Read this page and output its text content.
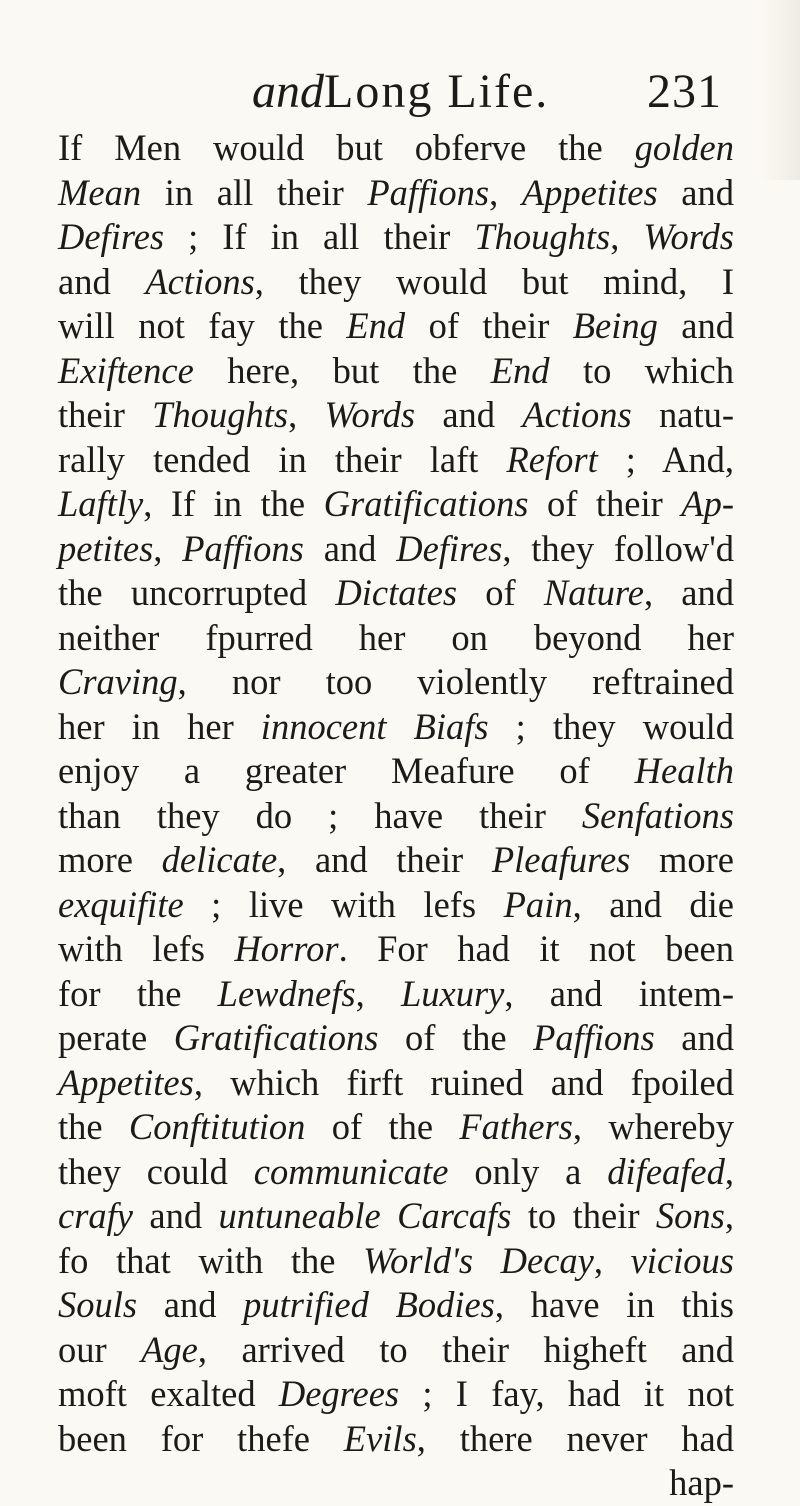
andLong Life. 231
If Men would but obferve the golden
Mean in all their Paffions, Appetites and
Defires ; If in all their Thoughts, Words
and Actions, they would but mind, I
will not fay the End of their Being and
Exiftence here, but the End to which
their Thoughts, Words and Actions natu-
rally tended in their laft Refort ; And,
Laftly, If in the Gratifications of their Ap-
petites, Paffions and Defires, they follow'd
the uncorrupted Dictates of Nature, and
neither fpurred her on beyond her
Craving, nor too violently reftrained
her in her innocent Biafs ; they would
enjoy a greater Meafure of Health
than they do ; have their Senfations
more delicate, and their Pleafures more
exquifite ; live with lefs Pain, and die
with lefs Horror. For had it not been
for the Lewdnefs, Luxury, and intem-
perate Gratifications of the Paffions and
Appetites, which firft ruined and fpoiled
the Conftitution of the Fathers, whereby
they could communicate only a difeafed,
crafy and untuneable Carcafs to their Sons,
fo that with the World's Decay, vicious
Souls and putrified Bodies, have in this
our Age, arrived to their higheft and
moft exalted Degrees ; I fay, had it not
been for thefe Evils, there never had
hap-
